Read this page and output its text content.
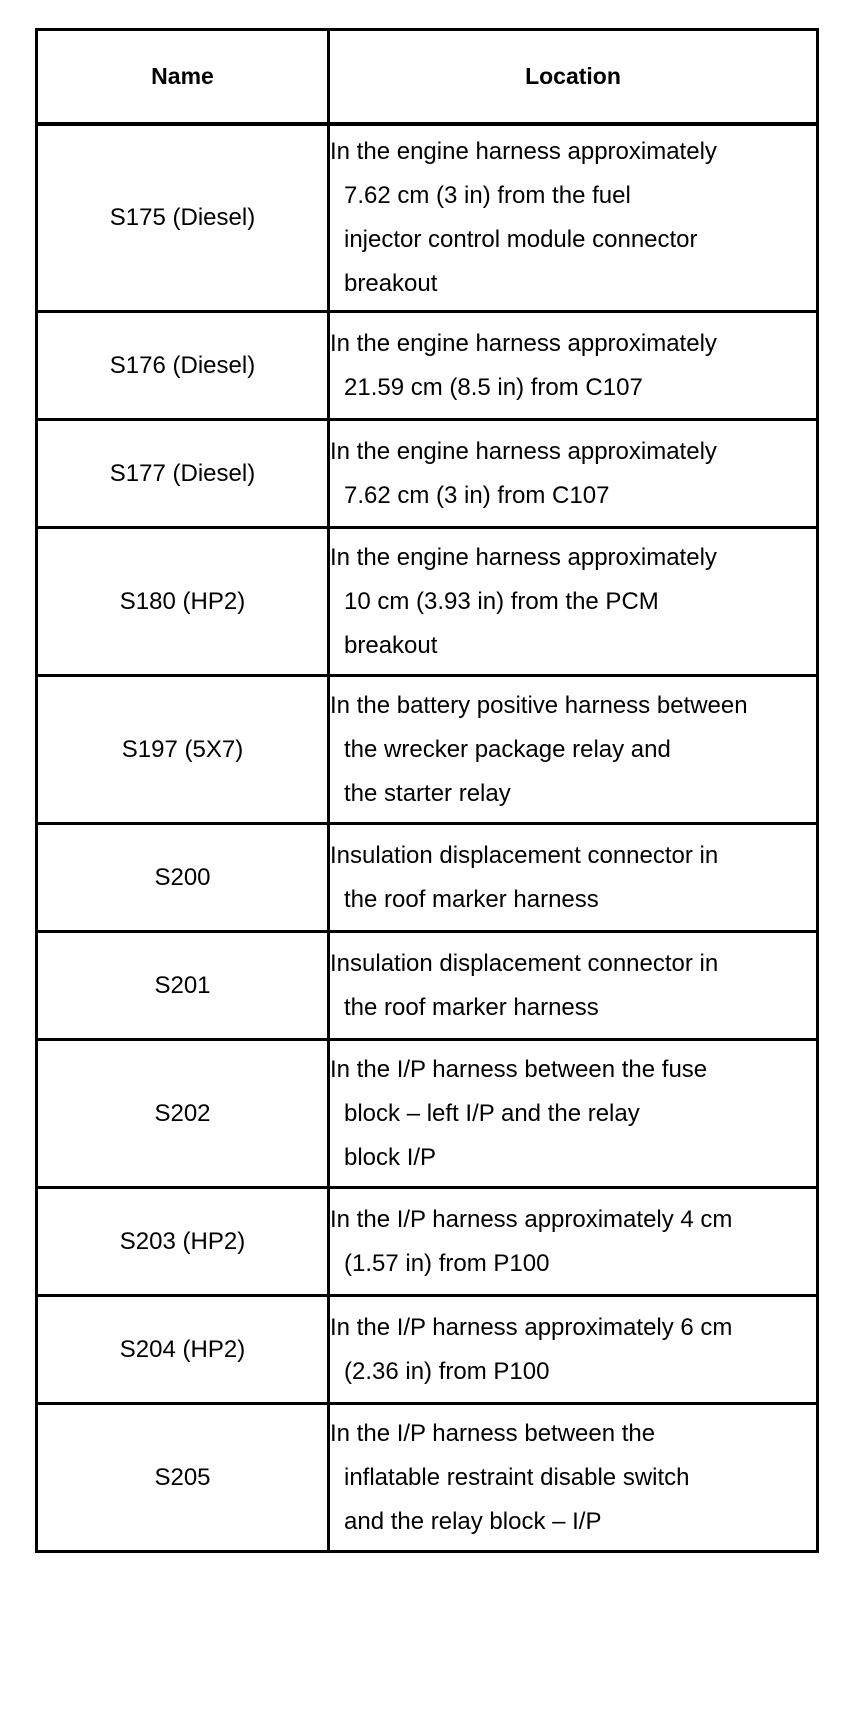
Name	Location
S175 (Diesel)	In the engine harness approximately
7.62 cm (3 in) from the fuel
injector control module connector
breakout

S176 (Diesel)	In the engine harness approximately
21.59 cm (8.5 in) from C107

S177 (Diesel)	In the engine harness approximately
7.62 cm (3 in) from C107

S180 (HP2)	In the engine harness approximately
10 cm (3.93 in) from the PCM
breakout

S197 (5X7)	In the battery positive harness between
the wrecker package relay and
the starter relay

S200	Insulation displacement connector in
the roof marker harness

S201	Insulation displacement connector in
the roof marker harness

S202	In the I/P harness between the fuse
block – left I/P and the relay
block I/P

S203 (HP2)	In the I/P harness approximately 4 cm
(1.57 in) from P100

S204 (HP2)	In the I/P harness approximately 6 cm
(2.36 in) from P100

S205	In the I/P harness between the
inflatable restraint disable switch
and the relay block – I/P
